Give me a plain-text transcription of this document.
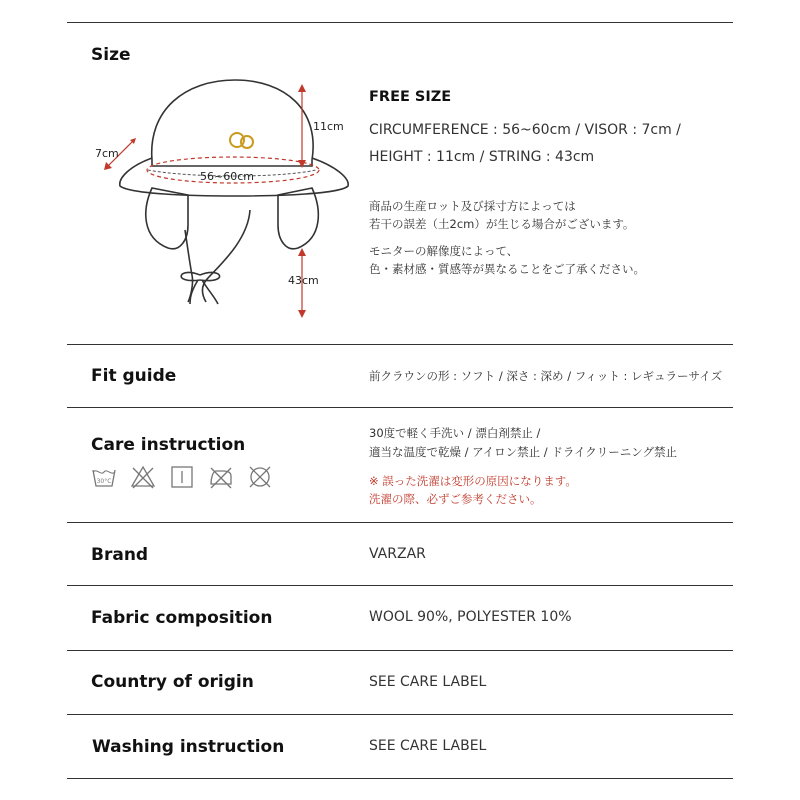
Size
11cm
7cm
56~60cm
43cm
FREE SIZE
CIRCUMFERENCE : 56~60cm / VISOR : 7cm /
HEIGHT : 11cm / STRING : 43cm
商品の生産ロット及び採寸方によっては
若干の誤差（土2cm）が生じる場合がございます。
モニターの解像度によって、
色・素材感・質感等が異なることをご了承ください。
Fit guide	前クラウンの形 : ソフト / 深さ : 深め / フィット : レギュラーサイズ
Care instruction
30°C
30度で軽く手洗い / 漂白剤禁止 /
適当な温度で乾燥 / アイロン禁止 / ドライクリーニング禁止
※ 誤った洗濯は変形の原因になります。
洗濯の際、必ずご参考ください。
Brand	VARZAR
Fabric composition	WOOL 90%, POLYESTER 10%
Country of origin	SEE CARE LABEL
Washing instruction	SEE CARE LABEL
